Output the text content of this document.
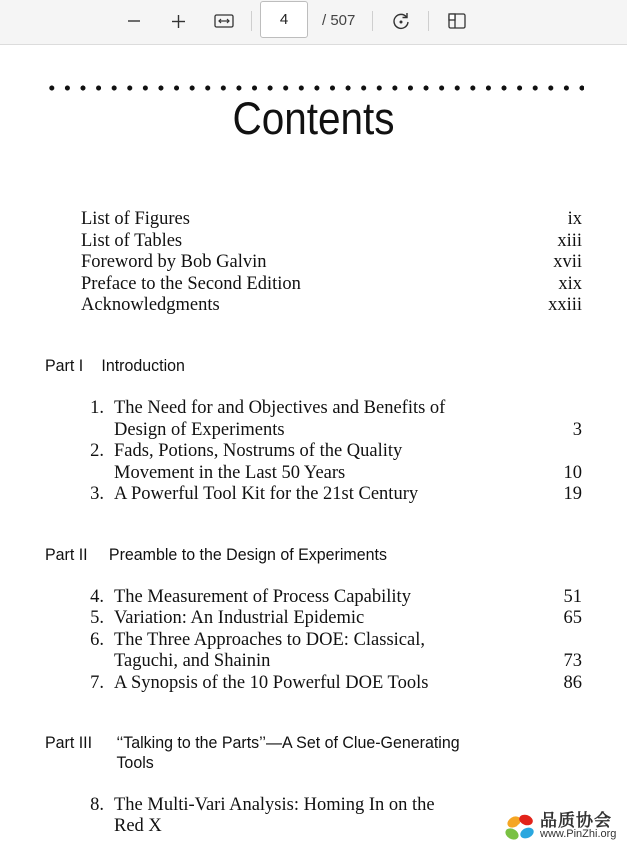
4	/ 507
Contents
List of Figures	ix
List of Tables	xiii
Foreword by Bob Galvin	xvii
Preface to the Second Edition	xix
Acknowledgments	xxiii
Part I	Introduction
1. The Need for and Objectives and Benefits of
Design of Experiments	3
2. Fads, Potions, Nostrums of the Quality
Movement in the Last 50 Years	10
3. A Powerful Tool Kit for the 21st Century	19
Part II	Preamble to the Design of Experiments
4. The Measurement of Process Capability	51
5. Variation: An Industrial Epidemic	65
6. The Three Approaches to DOE: Classical,
Taguchi, and Shainin	73
7. A Synopsis of the 10 Powerful DOE Tools	86
Part III	‘‘Talking to the Parts’’—A Set of Clue-Generating
Tools
8. The Multi-Vari Analysis: Homing In on the
Red X	品质协会
www.PinZhi.org
